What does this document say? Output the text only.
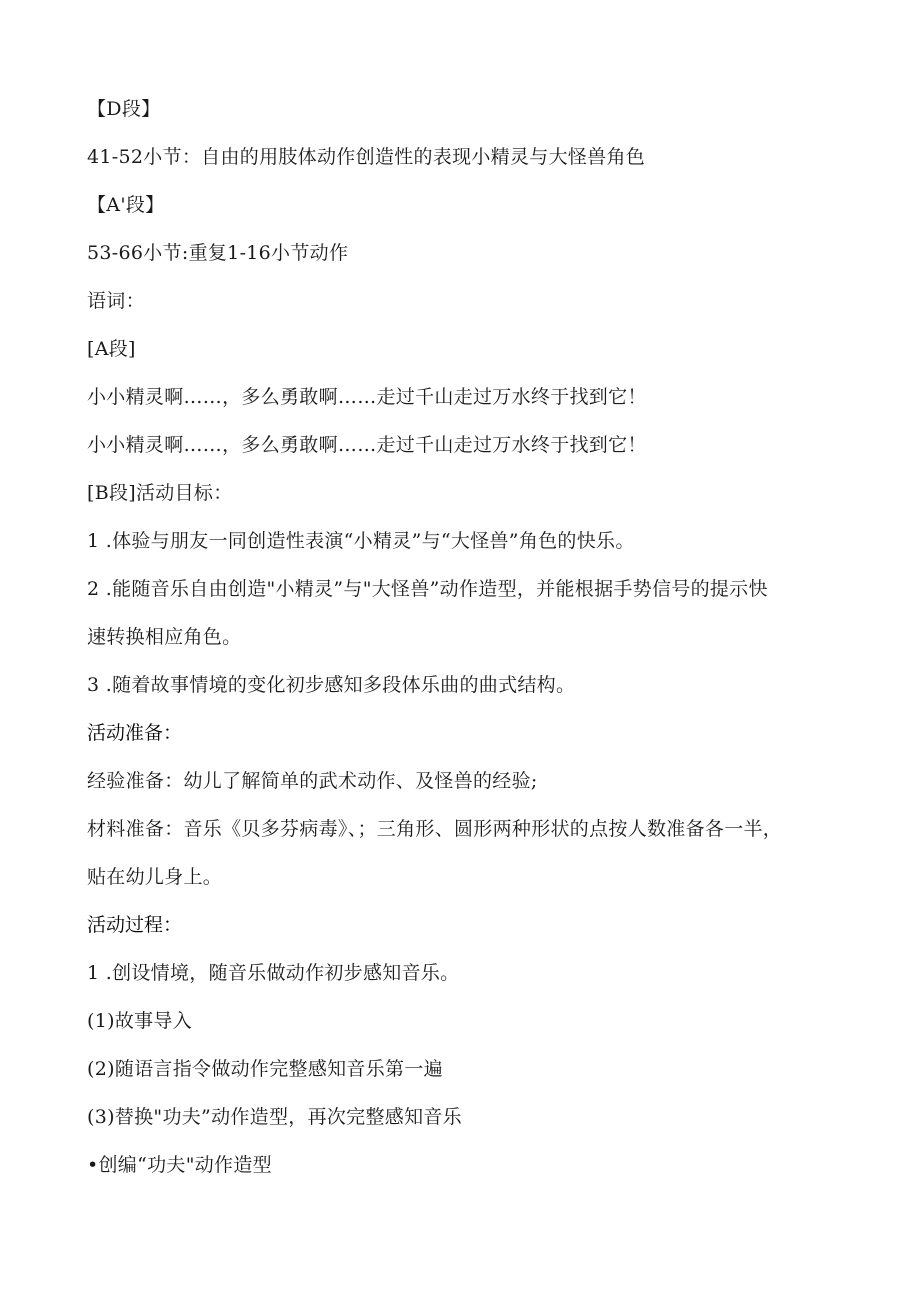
【D段】
41-52小节：自由的用肢体动作创造性的表现小精灵与大怪兽角色
【A'段】
53-66小节:重复1-16小节动作
语词：
[A段]
小小精灵啊……，多么勇敢啊……走过千山走过万水终于找到它！
小小精灵啊……，多么勇敢啊……走过千山走过万水终于找到它！
[B段]活动目标：
1 .体验与朋友一同创造性表演“小精灵”与“大怪兽”角色的快乐。
2 .能随音乐自由创造"小精灵”与"大怪兽”动作造型，并能根据手势信号的提示快
速转换相应角色。
3 .随着故事情境的变化初步感知多段体乐曲的曲式结构。
活动准备：
经验准备：幼儿了解简单的武术动作、及怪兽的经验;
材料准备：音乐《贝多芬病毒》、；三角形、圆形两种形状的点按人数准备各一半，
贴在幼儿身上。
活动过程：
1 .创设情境，随音乐做动作初步感知音乐。
(1)故事导入
(2)随语言指令做动作完整感知音乐第一遍
(3)替换"功夫”动作造型，再次完整感知音乐
•创编“功夫"动作造型
